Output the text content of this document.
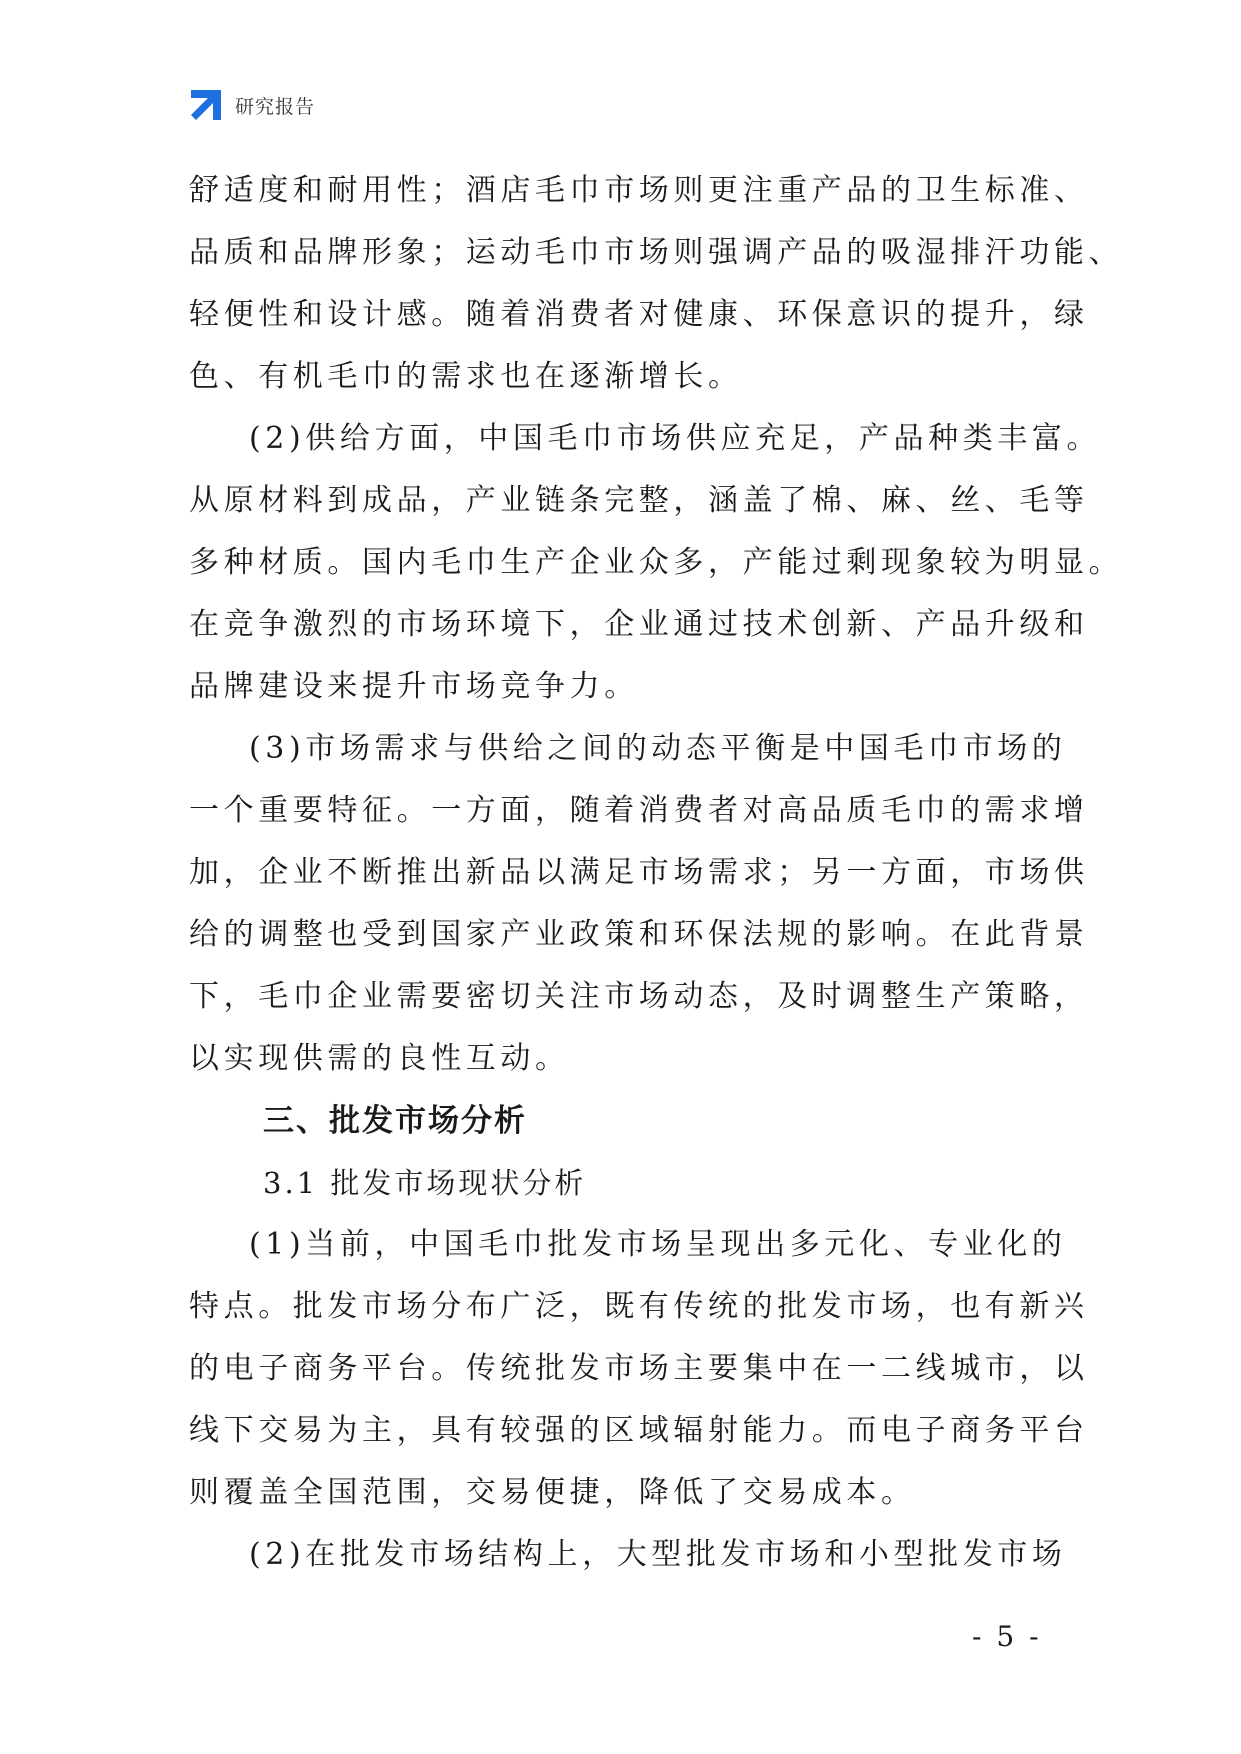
研究报告
舒适度和耐用性；酒店毛巾市场则更注重产品的卫生标准、
品质和品牌形象；运动毛巾市场则强调产品的吸湿排汗功能、
轻便性和设计感。随着消费者对健康、环保意识的提升，绿
色、有机毛巾的需求也在逐渐增长。
(2)供给方面，中国毛巾市场供应充足，产品种类丰富。
从原材料到成品，产业链条完整，涵盖了棉、麻、丝、毛等
多种材质。国内毛巾生产企业众多，产能过剩现象较为明显。
在竞争激烈的市场环境下，企业通过技术创新、产品升级和
品牌建设来提升市场竞争力。
(3)市场需求与供给之间的动态平衡是中国毛巾市场的
一个重要特征。一方面，随着消费者对高品质毛巾的需求增
加，企业不断推出新品以满足市场需求；另一方面，市场供
给的调整也受到国家产业政策和环保法规的影响。在此背景
下，毛巾企业需要密切关注市场动态，及时调整生产策略，
以实现供需的良性互动。
三、批发市场分析
3.1 批发市场现状分析
(1)当前，中国毛巾批发市场呈现出多元化、专业化的
特点。批发市场分布广泛，既有传统的批发市场，也有新兴
的电子商务平台。传统批发市场主要集中在一二线城市，以
线下交易为主，具有较强的区域辐射能力。而电子商务平台
则覆盖全国范围，交易便捷，降低了交易成本。
(2)在批发市场结构上，大型批发市场和小型批发市场
- 5 -
